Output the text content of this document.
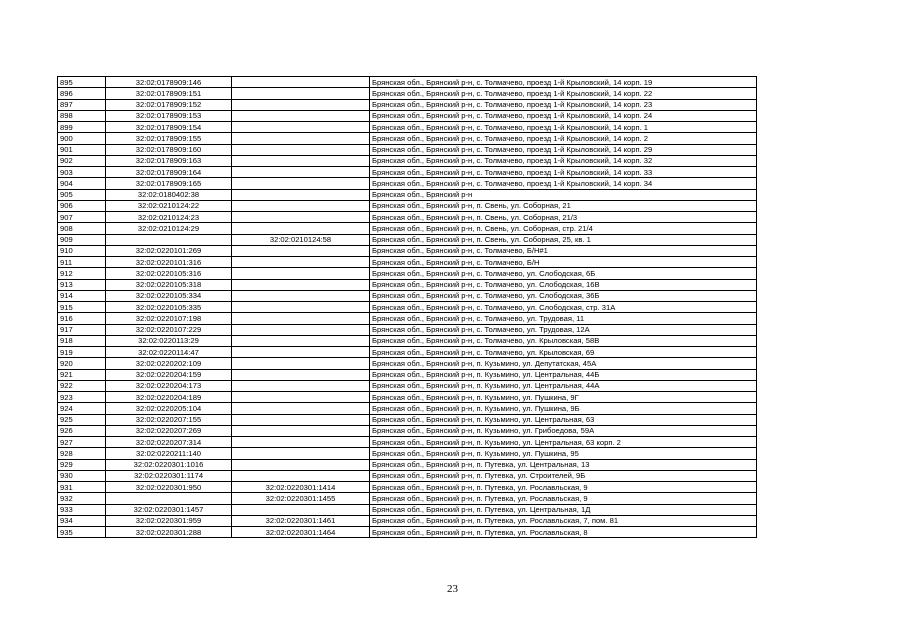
895	32:02:0178909:146		Брянская обл., Брянский р-н, с. Толмачево, проезд 1-й Крыловский, 14 корп. 19
896	32:02:0178909:151		Брянская обл., Брянский р-н, с. Толмачево, проезд 1-й Крыловский, 14 корп. 22
897	32:02:0178909:152		Брянская обл., Брянский р-н, с. Толмачево, проезд 1-й Крыловский, 14 корп. 23
898	32:02:0178909:153		Брянская обл., Брянский р-н, с. Толмачево, проезд 1-й Крыловский, 14 корп. 24
899	32:02:0178909:154		Брянская обл., Брянский р-н, с. Толмачево, проезд 1-й Крыловский, 14 корп. 1
900	32:02:0178909:155		Брянская обл., Брянский р-н, с. Толмачево, проезд 1-й Крыловский, 14 корп. 2
901	32:02:0178909:160		Брянская обл., Брянский р-н, с. Толмачево, проезд 1-й Крыловский, 14 корп. 29
902	32:02:0178909:163		Брянская обл., Брянский р-н, с. Толмачево, проезд 1-й Крыловский, 14 корп. 32
903	32:02:0178909:164		Брянская обл., Брянский р-н, с. Толмачево, проезд 1-й Крыловский, 14 корп. 33
904	32:02:0178909:165		Брянская обл., Брянский р-н, с. Толмачево, проезд 1-й Крыловский, 14 корп. 34
905	32:02:0180402:38		Брянская обл., Брянский р-н
906	32:02:0210124:22		Брянская обл., Брянский р-н, п. Свень, ул. Соборная, 21
907	32:02:0210124:23		Брянская обл., Брянский р-н, п. Свень, ул. Соборная, 21/3
908	32:02:0210124:29		Брянская обл., Брянский р-н, п. Свень, ул. Соборная, стр. 21/4
909		32:02:0210124:58	Брянская обл., Брянский р-н, п. Свень, ул. Соборная, 25, кв. 1
910	32:02:0220101:269		Брянская обл., Брянский р-н, с. Толмачево, Б/Н#1
911	32:02:0220101:316		Брянская обл., Брянский р-н, с. Толмачево, Б/Н
912	32:02:0220105:316		Брянская обл., Брянский р-н, с. Толмачево, ул. Слободская, 6Б
913	32:02:0220105:318		Брянская обл., Брянский р-н, с. Толмачево, ул. Слободская, 16В
914	32:02:0220105:334		Брянская обл., Брянский р-н, с. Толмачево, ул. Слободская, 36Б
915	32:02:0220105:335		Брянская обл., Брянский р-н, с. Толмачево, ул. Слободская, стр. 31А
916	32:02:0220107:198		Брянская обл., Брянский р-н, с. Толмачево, ул. Трудовая, 11
917	32:02:0220107:229		Брянская обл., Брянский р-н, с. Толмачево, ул. Трудовая, 12А
918	32:02:0220113:29		Брянская обл., Брянский р-н, с. Толмачево, ул. Крыловская, 58В
919	32:02:0220114:47		Брянская обл., Брянский р-н, с. Толмачево, ул. Крыловская, 69
920	32:02:0220202:109		Брянская обл., Брянский р-н, п. Кузьмино, ул. Депутатская, 45А
921	32:02:0220204:159		Брянская обл., Брянский р-н, п. Кузьмино, ул. Центральная, 44Б
922	32:02:0220204:173		Брянская обл., Брянский р-н, п. Кузьмино, ул. Центральная, 44А
923	32:02:0220204:189		Брянская обл., Брянский р-н, п. Кузьмино, ул. Пушкина, 9Г
924	32:02:0220205:104		Брянская обл., Брянский р-н, п. Кузьмино, ул. Пушкина, 9Б
925	32:02:0220207:155		Брянская обл., Брянский р-н, п. Кузьмино, ул. Центральная, 63
926	32:02:0220207:269		Брянская обл., Брянский р-н, п. Кузьмино, ул. Грибоедова, 59А
927	32:02:0220207:314		Брянская обл., Брянский р-н, п. Кузьмино, ул. Центральная, 63 корп. 2
928	32:02:0220211:140		Брянская обл., Брянский р-н, п. Кузьмино, ул. Пушкина, 95
929	32:02:0220301:1016		Брянская обл., Брянский р-н, п. Путевка, ул. Центральная, 13
930	32:02:0220301:1174		Брянская обл., Брянский р-н, п. Путевка, ул. Строителей, 9Б
931	32:02:0220301:950	32:02:0220301:1414	Брянская обл., Брянский р-н, п. Путевка, ул. Рославльская, 9
932		32:02:0220301:1455	Брянская обл., Брянский р-н, п. Путевка, ул. Рославльская, 9
933	32:02:0220301:1457		Брянская обл., Брянский р-н, п. Путевка, ул. Центральная, 1Д
934	32:02:0220301:959	32:02:0220301:1461	Брянская обл., Брянский р-н, п. Путевка, ул. Рославльская, 7, пом. 81
935	32:02:0220301:288	32:02:0220301:1464	Брянская обл., Брянский р-н, п. Путевка, ул. Рославльская, 8
23
